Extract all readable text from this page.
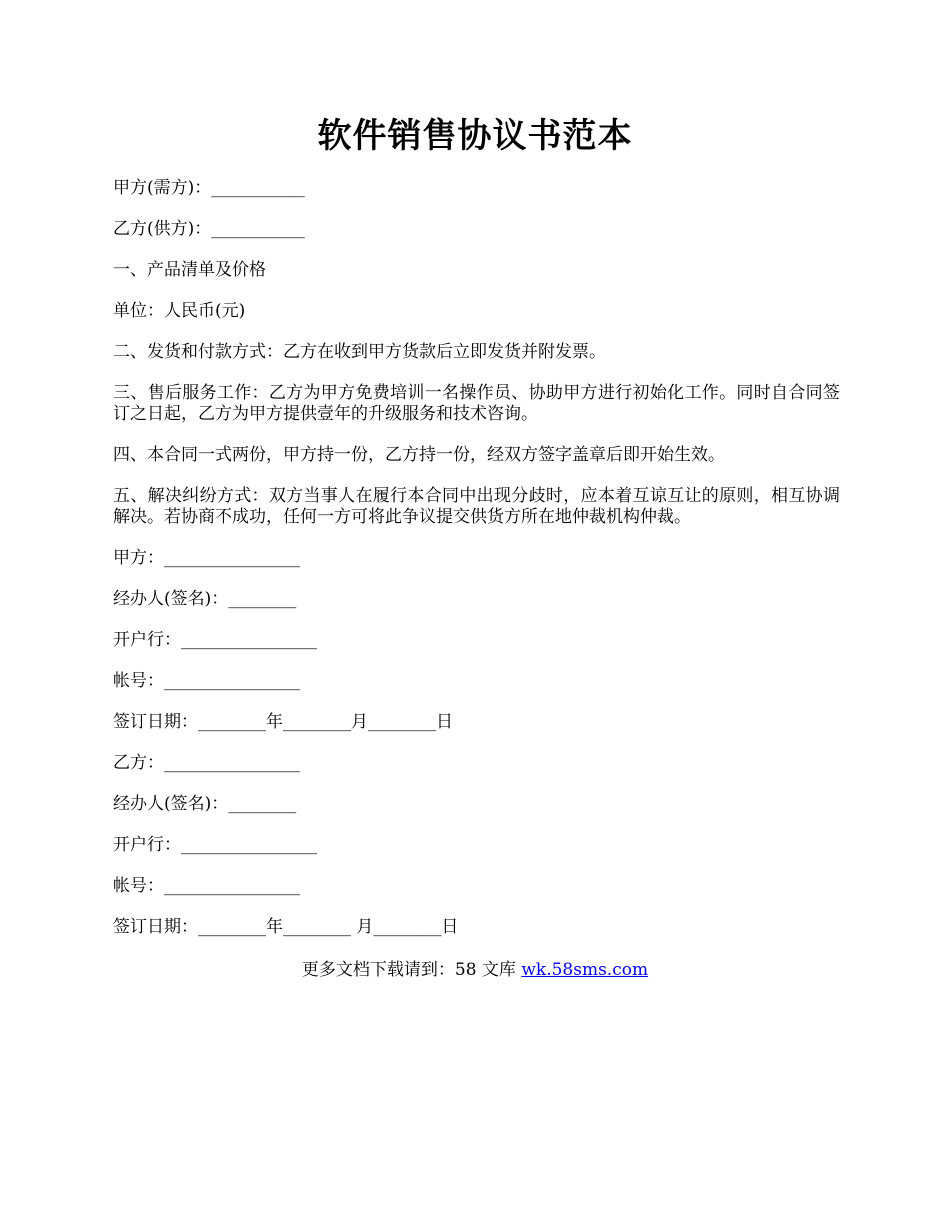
软件销售协议书范本

甲方(需方)：___________

乙方(供方)：___________

一、产品清单及价格

单位：人民币(元)

二、发货和付款方式：乙方在收到甲方货款后立即发货并附发票。

三、售后服务工作：乙方为甲方免费培训一名操作员、协助甲方进行初始化工作。同时自合同签订之日起，乙方为甲方提供壹年的升级服务和技术咨询。

四、本合同一式两份，甲方持一份，乙方持一份，经双方签字盖章后即开始生效。

五、解决纠纷方式：双方当事人在履行本合同中出现分歧时，应本着互谅互让的原则，相互协调解决。若协商不成功，任何一方可将此争议提交供货方所在地仲裁机构仲裁。

甲方：________________

经办人(签名)：________

开户行：________________

帐号：________________

签订日期：________年________月________日

乙方：________________

经办人(签名)：________

开户行：________________

帐号：________________

签订日期：________年________ 月________日

更多文档下载请到：58 文库 wk.58sms.com
